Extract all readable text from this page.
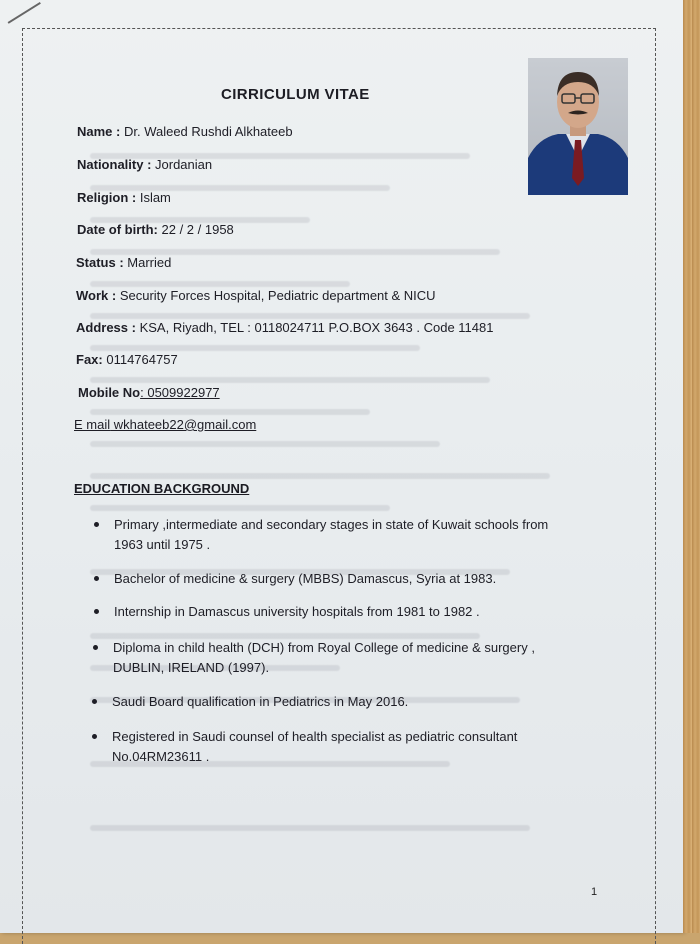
CIRRICULUM VITAE
Name : Dr. Waleed Rushdi Alkhateeb
Nationality : Jordanian
Religion : Islam
Date of birth: 22 / 2 / 1958
Status : Married
Work : Security Forces Hospital, Pediatric department & NICU
Address : KSA, Riyadh, TEL : 0118024711 P.O.BOX 3643 . Code 11481
Fax: 0114764757
Mobile No: 0509922977
E mail wkhateeb22@gmail.com
EDUCATION BACKGROUND
Primary ,intermediate and secondary stages in state of Kuwait schools from
1963 until 1975 .
Bachelor of medicine & surgery (MBBS) Damascus, Syria at 1983.
Internship in Damascus university hospitals from 1981 to 1982 .
Diploma in child health (DCH) from Royal College of medicine & surgery ,
DUBLIN, IRELAND (1997).
Saudi Board qualification in Pediatrics in May 2016.
Registered in Saudi counsel of health specialist as pediatric consultant
No.04RM23611 .
1
